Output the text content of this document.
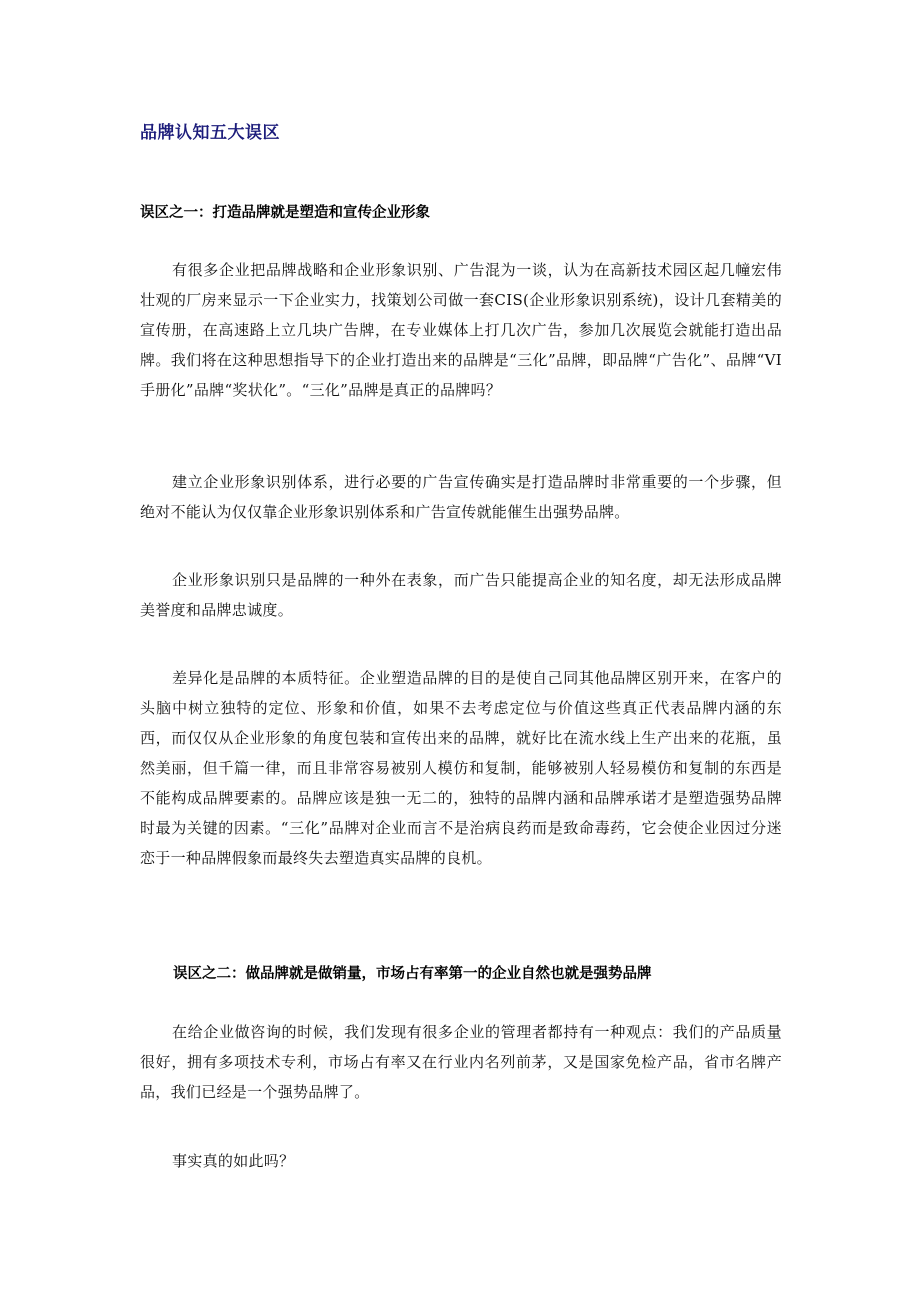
品牌认知五大误区
误区之一：打造品牌就是塑造和宣传企业形象

有很多企业把品牌战略和企业形象识别、广告混为一谈，认为在高新技术园区起几幢宏伟壮观的厂房来显示一下企业实力，找策划公司做一套CIS(企业形象识别系统)，设计几套精美的宣传册，在高速路上立几块广告牌，在专业媒体上打几次广告，参加几次展览会就能打造出品牌。我们将在这种思想指导下的企业打造出来的品牌是“三化”品牌，即品牌“广告化”、品牌“VI手册化”品牌“奖状化”。“三化”品牌是真正的品牌吗？

建立企业形象识别体系，进行必要的广告宣传确实是打造品牌时非常重要的一个步骤，但绝对不能认为仅仅靠企业形象识别体系和广告宣传就能催生出强势品牌。

企业形象识别只是品牌的一种外在表象，而广告只能提高企业的知名度，却无法形成品牌美誉度和品牌忠诚度。

差异化是品牌的本质特征。企业塑造品牌的目的是使自己同其他品牌区别开来，在客户的头脑中树立独特的定位、形象和价值，如果不去考虑定位与价值这些真正代表品牌内涵的东西，而仅仅从企业形象的角度包装和宣传出来的品牌，就好比在流水线上生产出来的花瓶，虽然美丽，但千篇一律，而且非常容易被别人模仿和复制，能够被别人轻易模仿和复制的东西是不能构成品牌要素的。品牌应该是独一无二的，独特的品牌内涵和品牌承诺才是塑造强势品牌时最为关键的因素。“三化”品牌对企业而言不是治病良药而是致命毒药，它会使企业因过分迷恋于一种品牌假象而最终失去塑造真实品牌的良机。

误区之二：做品牌就是做销量，市场占有率第一的企业自然也就是强势品牌

在给企业做咨询的时候，我们发现有很多企业的管理者都持有一种观点：我们的产品质量很好，拥有多项技术专利，市场占有率又在行业内名列前茅，又是国家免检产品，省市名牌产品，我们已经是一个强势品牌了。

事实真的如此吗？
